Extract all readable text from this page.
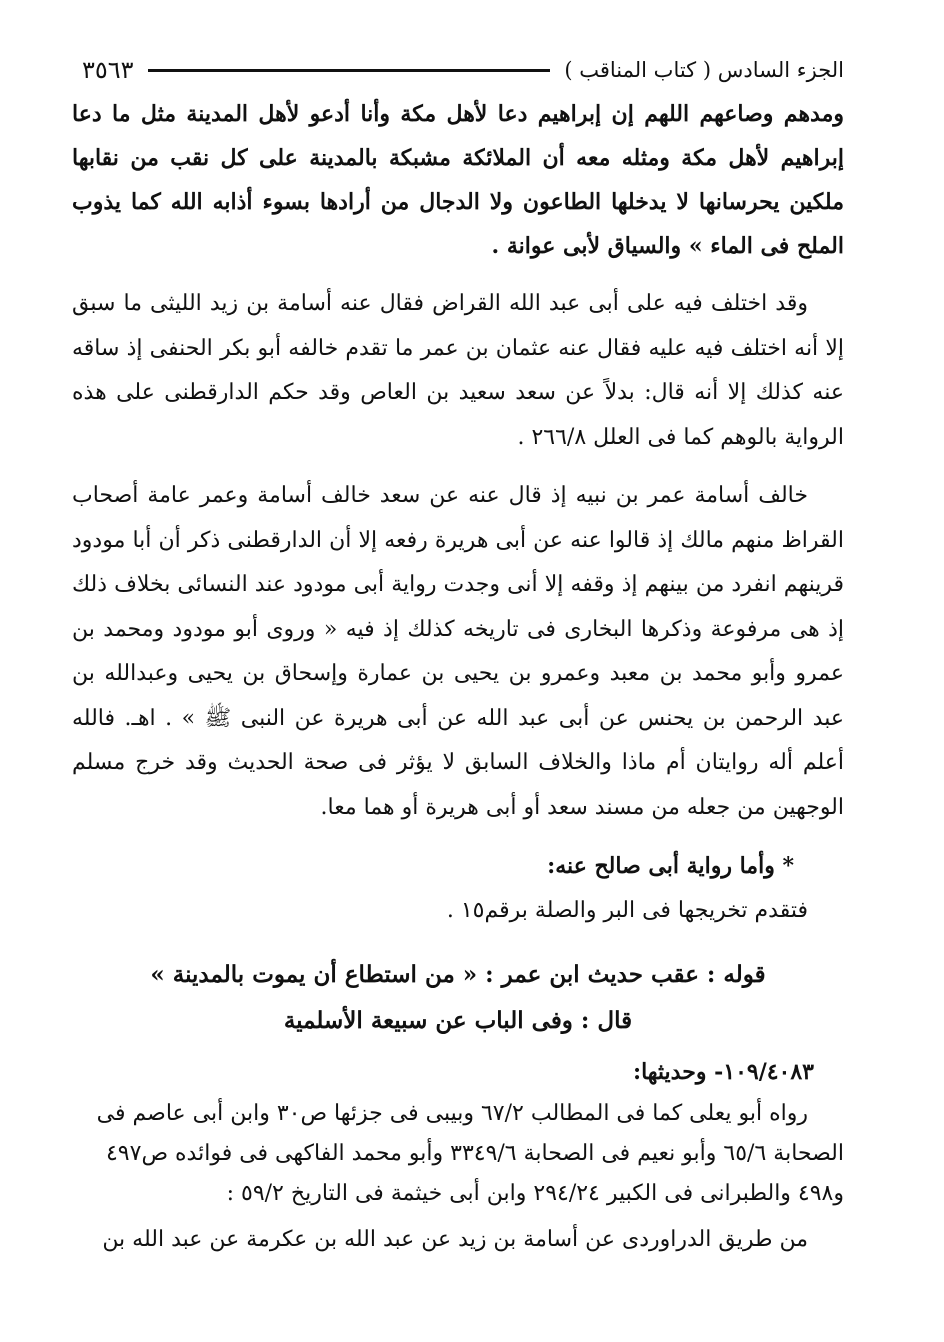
الجزء السادس ( كتاب المناقب )
٣٥٦٣

ومدهم وصاعهم اللهم إن إبراهيم دعا لأهل مكة وأنا أدعو لأهل المدينة مثل ما دعا إبراهيم لأهل مكة ومثله معه أن الملائكة مشبكة بالمدينة على كل نقب من نقابها ملكين يحرسانها لا يدخلها الطاعون ولا الدجال من أرادها بسوء أذابه الله كما يذوب الملح فى الماء » والسياق لأبى عوانة .

وقد اختلف فيه على أبى عبد الله القراض فقال عنه أسامة بن زيد الليثى ما سبق إلا أنه اختلف فيه عليه فقال عنه عثمان بن عمر ما تقدم خالفه أبو بكر الحنفى إذ ساقه عنه كذلك إلا أنه قال: بدلاً عن سعد سعيد بن العاص وقد حكم الدارقطنى على هذه الرواية بالوهم كما فى العلل ٢٦٦/٨ .

خالف أسامة عمر بن نبيه إذ قال عنه عن سعد خالف أسامة وعمر عامة أصحاب القراظ منهم مالك إذ قالوا عنه عن أبى هريرة رفعه إلا أن الدارقطنى ذكر أن أبا مودود قرينهم انفرد من بينهم إذ وقفه إلا أنى وجدت رواية أبى مودود عند النسائى بخلاف ذلك إذ هى مرفوعة وذكرها البخارى فى تاريخه كذلك إذ فيه « وروى أبو مودود ومحمد بن عمرو وأبو محمد بن معبد وعمرو بن يحيى بن عمارة وإسحاق بن يحيى وعبدالله بن عبد الرحمن بن يحنس عن أبى عبد الله عن أبى هريرة عن النبى ﷺ » . اهـ. فالله أعلم أله روايتان أم ماذا والخلاف السابق لا يؤثر فى صحة الحديث وقد خرج مسلم الوجهين من جعله من مسند سعد أو أبى هريرة أو هما معا.

* وأما رواية أبى صالح عنه:

فتقدم تخريجها فى البر والصلة برقم١٥ .

قوله : عقب حديث ابن عمر : « من استطاع أن يموت بالمدينة »

قال : وفى الباب عن سبيعة الأسلمية

١٠٩/٤٠٨٣- وحديثها:

رواه أبو يعلى كما فى المطالب ٦٧/٢ وبيبى فى جزئها ص٣٠ وابن أبى عاصم فى

الصحابة ٦٥/٦ وأبو نعيم فى الصحابة ٣٣٤٩/٦ وأبو محمد الفاكهى فى فوائده ص٤٩٧

و٤٩٨ والطبرانى فى الكبير ٢٩٤/٢٤ وابن أبى خيثمة فى التاريخ ٥٩/٢ :

من طريق الدراوردى عن أسامة بن زيد عن عبد الله بن عكرمة عن عبد الله بن
